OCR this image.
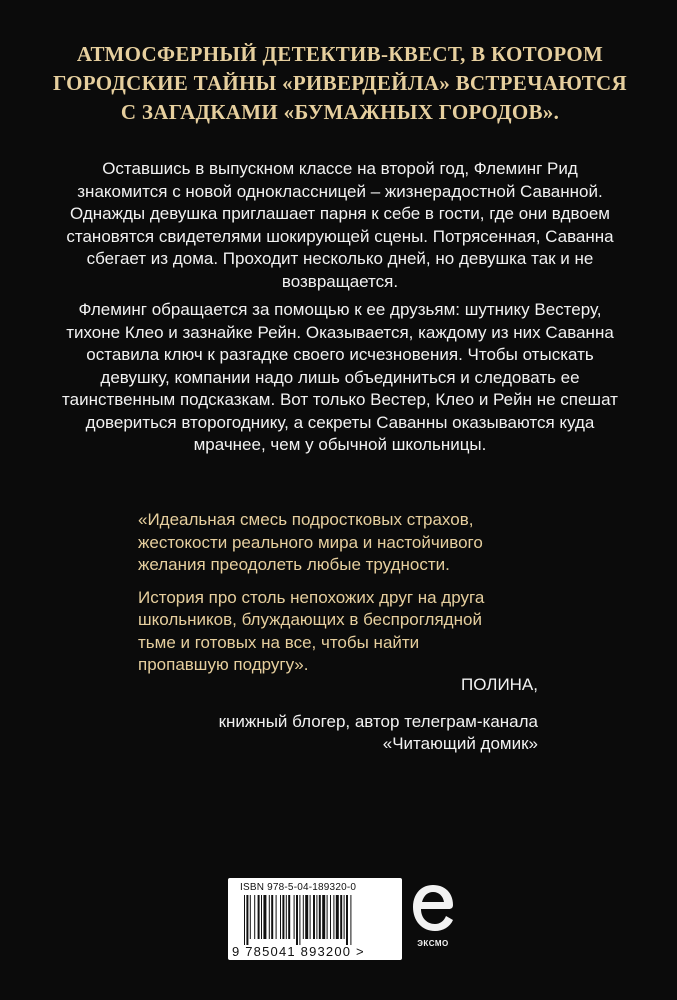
АТМОСФЕРНЫЙ ДЕТЕКТИВ-КВЕСТ, В КОТОРОМ
ГОРОДСКИЕ ТАЙНЫ «РИВЕРДЕЙЛА» ВСТРЕЧАЮТСЯ
С ЗАГАДКАМИ «БУМАЖНЫХ ГОРОДОВ».
Оставшись в выпускном классе на второй год, Флеминг Рид
знакомится с новой одноклассницей – жизнерадостной Саванной.
Однажды девушка приглашает парня к себе в гости, где они вдвоем
становятся свидетелями шокирующей сцены. Потрясенная, Саванна
сбегает из дома. Проходит несколько дней, но девушка так и не
возвращается.
Флеминг обращается за помощью к ее друзьям: шутнику Вестеру,
тихоне Клео и зазнайке Рейн. Оказывается, каждому из них Саванна
оставила ключ к разгадке своего исчезновения. Чтобы отыскать
девушку, компании надо лишь объединиться и следовать ее
таинственным подсказкам. Вот только Вестер, Клео и Рейн не спешат
довериться второгоднику, а секреты Саванны оказываются куда
мрачнее, чем у обычной школьницы.
«Идеальная смесь подростковых страхов,
жестокости реального мира и настойчивого
желания преодолеть любые трудности.
История про столь непохожих друг на друга
школьников, блуждающих в беспроглядной
тьме и готовых на все, чтобы найти
пропавшую подругу».
ПОЛИНА,
книжный блогер, автор телеграм-канала
«Читающий домик»
ISBN 978-5-04-189320-0
9 785041 893200 >
ЭКСМО
